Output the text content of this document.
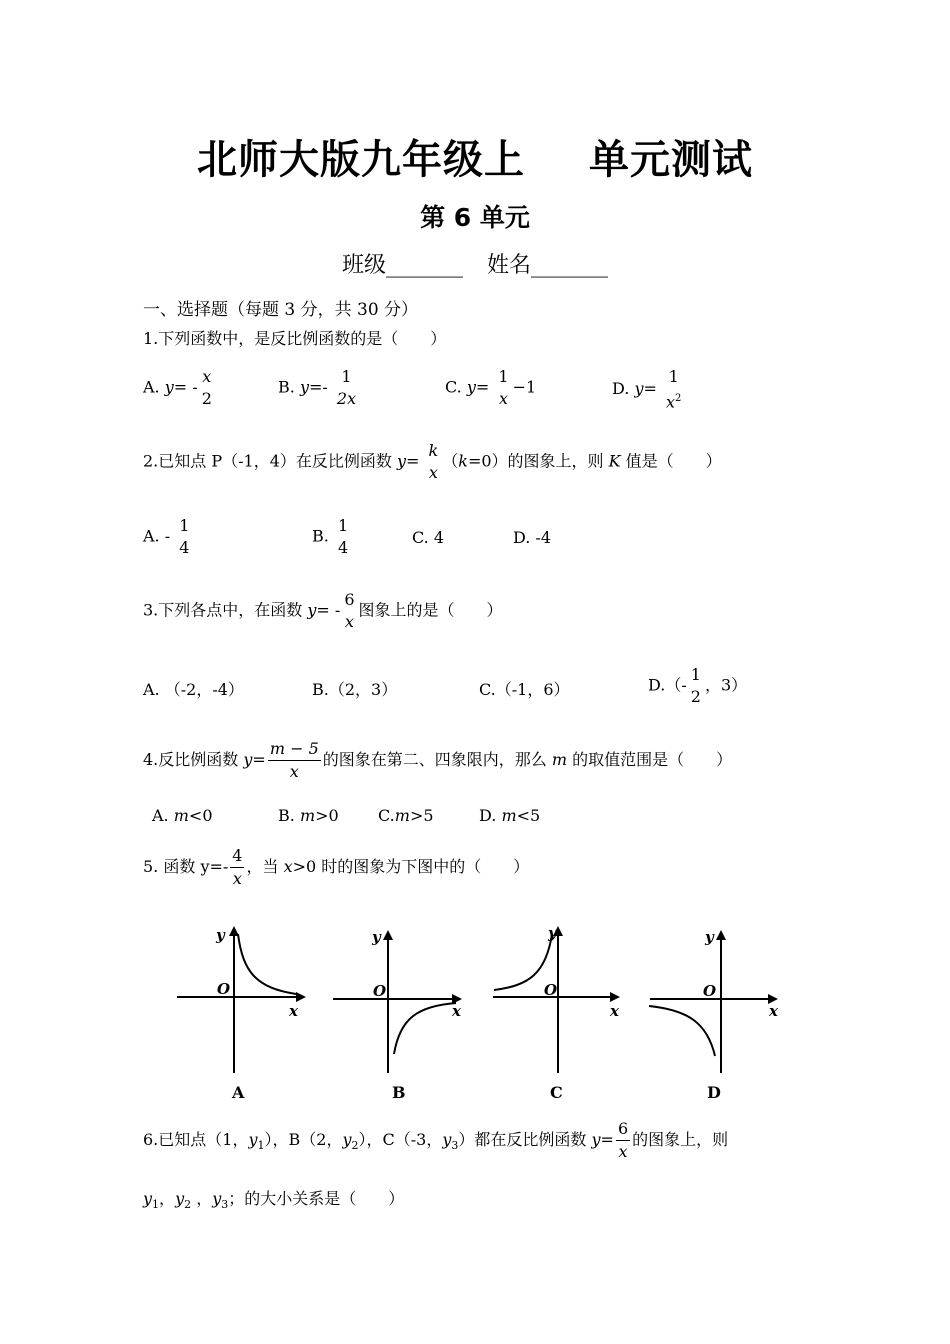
北师大版九年级上 单元测试
第 6 单元
班级_______ 姓名_______
一、选择题（每题 3 分，共 30 分）
1.下列函数中，是反比例函数的是（　　）
A. y= -
x
2
B. y=-
1
2x
C. y=
1
x
−1	D. y=
1
$x^2$
2.已知点 P（-1，4）在反比例函数 y=
k
x
（k=0）的图象上，则 K 值是（　　）
A. -
1
4
B.
1
4
C. 4	D. -4
3.下列各点中，在函数 y= -
6
x
图象上的是（　　）
A. （-2，-4）	B.（2，3）	C.（-1，6）	D.（-
1
2
，3）
4.反比例函数 $y= \frac{m - 5}{x}$ 的图象在第二、四象限内，那么 m 的取值范围是（　　）
A. m<0	B. m>0 C.m>5	D. m<5
5. 函数 $y=- \frac{4}{x}$ ，当 x>0 时的图象为下图中的（　　）
y
O
x
A
y
O
x
B
y
O
x
C
y
O
x
D
6.已知点（1，$y_1$），B（2，$y_2$），C（-3，$y_3$）都在反比例函数 $y= \frac{6}{x}$ 的图象上，则
$y_1$，$y_2$ ，$y_3$；的大小关系是（　　）
